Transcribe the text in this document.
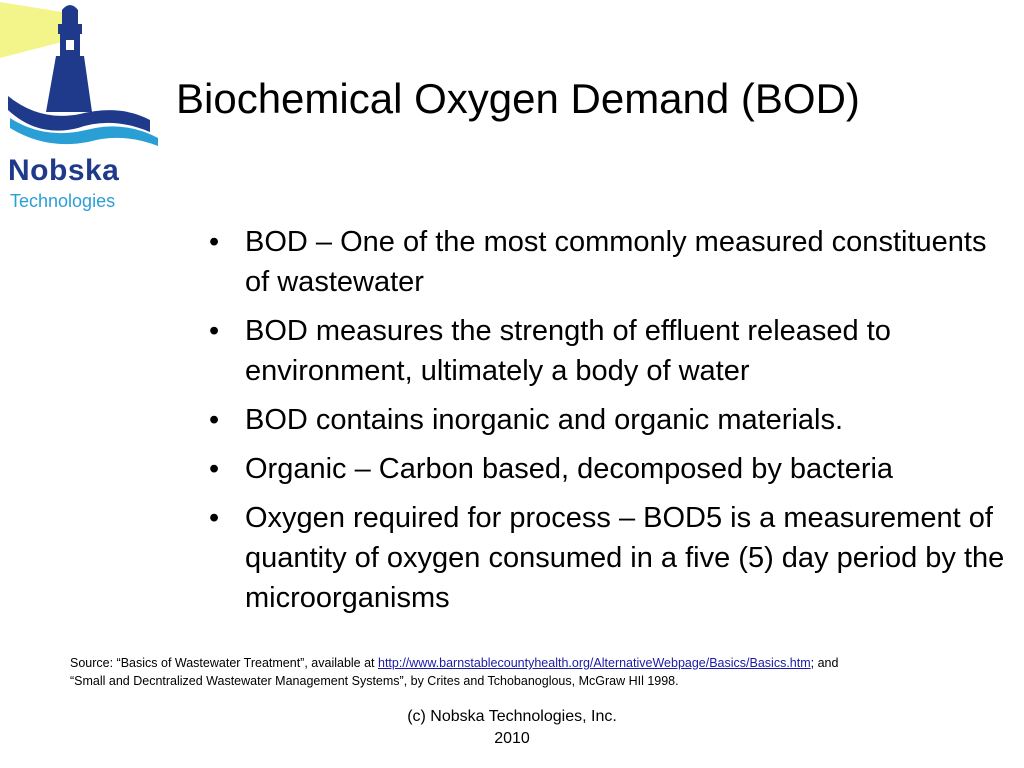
Nobska
Technologies
Biochemical Oxygen Demand (BOD)
• BOD – One of the most commonly measured constituents of wastewater
• BOD measures the strength of effluent released to environment, ultimately a body of water
• BOD contains inorganic and organic materials.
• Organic – Carbon based, decomposed by bacteria
• Oxygen required for process – BOD5 is a measurement of quantity of oxygen consumed in a five (5) day period by the microorganisms
Source: “Basics of Wastewater Treatment”, available at http://www.barnstablecountyhealth.org/AlternativeWebpage/Basics/Basics.htm; and
“Small and Decntralized Wastewater Management Systems”, by Crites and Tchobanoglous, McGraw HIl 1998.
(c) Nobska Technologies, Inc.
2010
